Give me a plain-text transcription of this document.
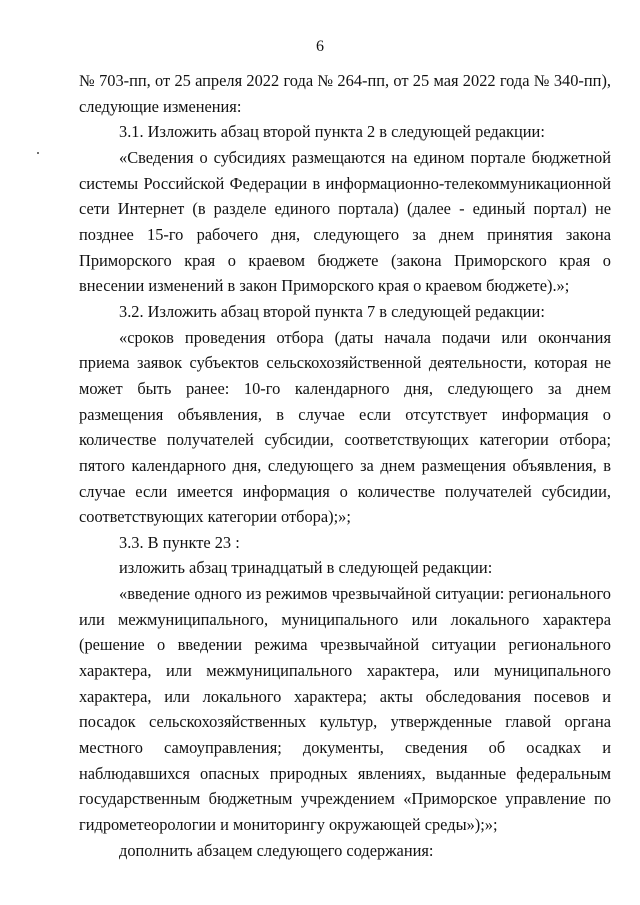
6

№ 703-пп, от 25 апреля 2022 года № 264-пп, от 25 мая 2022 года № 340-пп), следующие изменения:

3.1. Изложить абзац второй пункта 2 в следующей редакции:

«Сведения о субсидиях размещаются на едином портале бюджетной системы Российской Федерации в информационно-телекоммуникационной сети Интернет (в разделе единого портала) (далее - единый портал) не позднее 15-го рабочего дня, следующего за днем принятия закона Приморского края о краевом бюджете (закона Приморского края о внесении изменений в закон Приморского края о краевом бюджете).»;

3.2. Изложить абзац второй пункта 7 в следующей редакции:

«сроков проведения отбора (даты начала подачи или окончания приема заявок субъектов сельскохозяйственной деятельности, которая не может быть ранее: 10-го календарного дня, следующего за днем размещения объявления, в случае если отсутствует информация о количестве получателей субсидии, соответствующих категории отбора; пятого календарного дня, следующего за днем размещения объявления, в случае если имеется информация о количестве получателей субсидии, соответствующих категории отбора);»;

3.3. В пункте 23 :

изложить абзац тринадцатый в следующей редакции:

«введение одного из режимов чрезвычайной ситуации: регионального или межмуниципального, муниципального или локального характера (решение о введении режима чрезвычайной ситуации регионального характера, или межмуниципального характера, или муниципального характера, или локального характера; акты обследования посевов и посадок сельскохозяйственных культур, утвержденные главой органа местного самоуправления; документы, сведения об осадках и наблюдавшихся опасных природных явлениях, выданные федеральным государственным бюджетным учреждением «Приморское управление по гидрометеорологии и мониторингу окружающей среды»);»;

дополнить абзацем следующего содержания:
